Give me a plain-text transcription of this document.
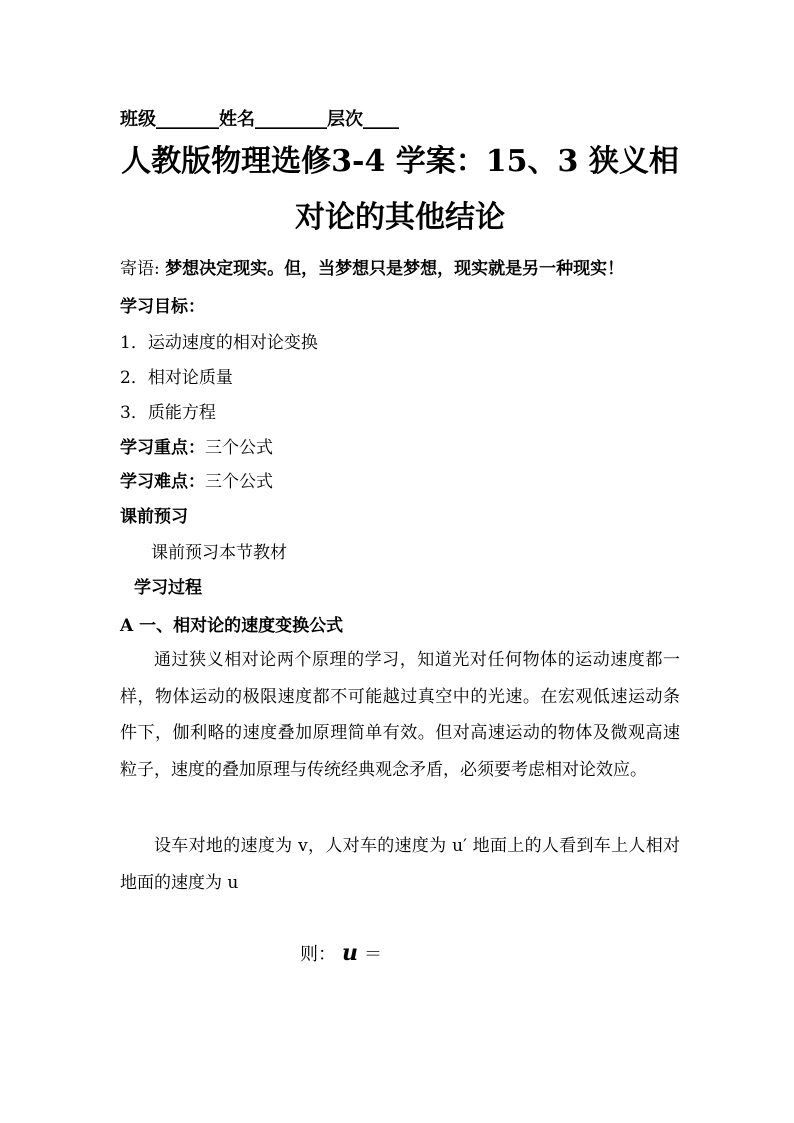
班级_______姓名________层次____
人教版物理选修3-4 学案：15、3 狭义相
对论的其他结论
寄语: 梦想决定现实。但，当梦想只是梦想，现实就是另一种现实！
学习目标：
1．运动速度的相对论变换
2．相对论质量
3．质能方程
学习重点：三个公式
学习难点：三个公式
课前预习
课前预习本节教材
学习过程
A 一、相对论的速度变换公式
通过狭义相对论两个原理的学习，知道光对任何物体的运动速度都一样，物体运动的极限速度都不可能越过真空中的光速。在宏观低速运动条件下，伽利略的速度叠加原理简单有效。但对高速运动的物体及微观高速粒子，速度的叠加原理与传统经典观念矛盾，必须要考虑相对论效应。
设车对地的速度为 v，人对车的速度为 u′ 地面上的人看到车上人相对地面的速度为 u
则： u ＝
